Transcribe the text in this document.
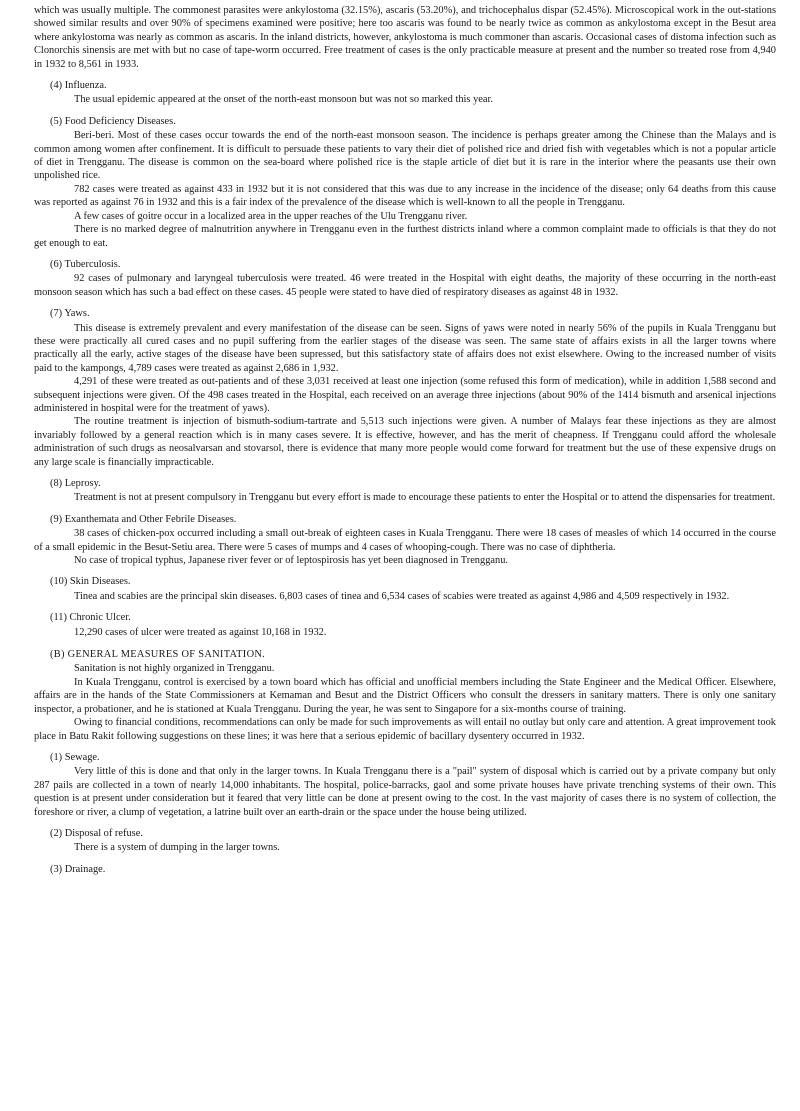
which was usually multiple. The commonest parasites were ankylostoma (32.15%), ascaris (53.20%), and trichocephalus dispar (52.45%). Microscopical work in the out-stations showed similar results and over 90% of specimens examined were positive; here too ascaris was found to be nearly twice as common as ankylostoma except in the Besut area where ankylostoma was nearly as common as ascaris. In the inland districts, however, ankylostoma is much commoner than ascaris. Occasional cases of distoma infection such as Clonorchis sinensis are met with but no case of tape-worm occurred. Free treatment of cases is the only practicable measure at present and the number so treated rose from 4,940 in 1932 to 8,561 in 1933.

(4) Influenza.

The usual epidemic appeared at the onset of the north-east monsoon but was not so marked this year.

(5) Food Deficiency Diseases.

Beri-beri. Most of these cases occur towards the end of the north-east monsoon season. The incidence is perhaps greater among the Chinese than the Malays and is common among women after confinement. It is difficult to persuade these patients to vary their diet of polished rice and dried fish with vegetables which is not a popular article of diet in Trengganu. The disease is common on the sea-board where polished rice is the staple article of diet but it is rare in the interior where the peasants use their own unpolished rice.

782 cases were treated as against 433 in 1932 but it is not considered that this was due to any increase in the incidence of the disease; only 64 deaths from this cause was reported as against 76 in 1932 and this is a fair index of the prevalence of the disease which is well-known to all the people in Trengganu.

A few cases of goitre occur in a localized area in the upper reaches of the Ulu Trengganu river.

There is no marked degree of malnutrition anywhere in Trengganu even in the furthest districts inland where a common complaint made to officials is that they do not get enough to eat.

(6) Tuberculosis.

92 cases of pulmonary and laryngeal tuberculosis were treated. 46 were treated in the Hospital with eight deaths, the majority of these occurring in the north-east monsoon season which has such a bad effect on these cases. 45 people were stated to have died of respiratory diseases as against 48 in 1932.

(7) Yaws.

This disease is extremely prevalent and every manifestation of the disease can be seen. Signs of yaws were noted in nearly 56% of the pupils in Kuala Trengganu but these were practically all cured cases and no pupil suffering from the earlier stages of the disease was seen. The same state of affairs exists in all the larger towns where practically all the early, active stages of the disease have been supressed, but this satisfactory state of affairs does not exist elsewhere. Owing to the increased number of visits paid to the kampongs, 4,789 cases were treated as against 2,686 in 1,932.

4,291 of these were treated as out-patients and of these 3,031 received at least one injection (some refused this form of medication), while in addition 1,588 second and subsequent injections were given. Of the 498 cases treated in the Hospital, each received on an average three injections (about 90% of the 1414 bismuth and arsenical injections administered in hospital were for the treatment of yaws).

The routine treatment is injection of bismuth-sodium-tartrate and 5,513 such injections were given. A number of Malays fear these injections as they are almost invariably followed by a general reaction which is in many cases severe. It is effective, however, and has the merit of cheapness. If Trengganu could afford the wholesale administration of such drugs as neosalvarsan and stovarsol, there is evidence that many more people would come forward for treatment but the use of these expensive drugs on any large scale is financially impracticable.

(8) Leprosy.

Treatment is not at present compulsory in Trengganu but every effort is made to encourage these patients to enter the Hospital or to attend the dispensaries for treatment.

(9) Exanthemata and Other Febrile Diseases.

38 cases of chicken-pox occurred including a small out-break of eighteen cases in Kuala Trengganu. There were 18 cases of measles of which 14 occurred in the course of a small epidemic in the Besut-Setiu area. There were 5 cases of mumps and 4 cases of whooping-cough. There was no case of diphtheria.

No case of tropical typhus, Japanese river fever or of leptospirosis has yet been diagnosed in Trengganu.

(10) Skin Diseases.

Tinea and scabies are the principal skin diseases. 6,803 cases of tinea and 6,534 cases of scabies were treated as against 4,986 and 4,509 respectively in 1932.

(11) Chronic Ulcer.

12,290 cases of ulcer were treated as against 10,168 in 1932.

(B) GENERAL MEASURES OF SANITATION.

Sanitation is not highly organized in Trengganu.

In Kuala Trengganu, control is exercised by a town board which has official and unofficial members including the State Engineer and the Medical Officer. Elsewhere, affairs are in the hands of the State Commissioners at Kemaman and Besut and the District Officers who consult the dressers in sanitary matters. There is only one sanitary inspector, a probationer, and he is stationed at Kuala Trengganu. During the year, he was sent to Singapore for a six-months course of training.

Owing to financial conditions, recommendations can only be made for such improvements as will entail no outlay but only care and attention. A great improvement took place in Batu Rakit following suggestions on these lines; it was here that a serious epidemic of bacillary dysentery occurred in 1932.

(1) Sewage.

Very little of this is done and that only in the larger towns. In Kuala Trengganu there is a "pail" system of disposal which is carried out by a private company but only 287 pails are collected in a town of nearly 14,000 inhabitants. The hospital, police-barracks, gaol and some private houses have private trenching systems of their own. This question is at present under consideration but it feared that very little can be done at present owing to the cost. In the vast majority of cases there is no system of collection, the foreshore or river, a clump of vegetation, a latrine built over an earth-drain or the space under the house being utilized.

(2) Disposal of refuse.

There is a system of dumping in the larger towns.

(3) Drainage.
